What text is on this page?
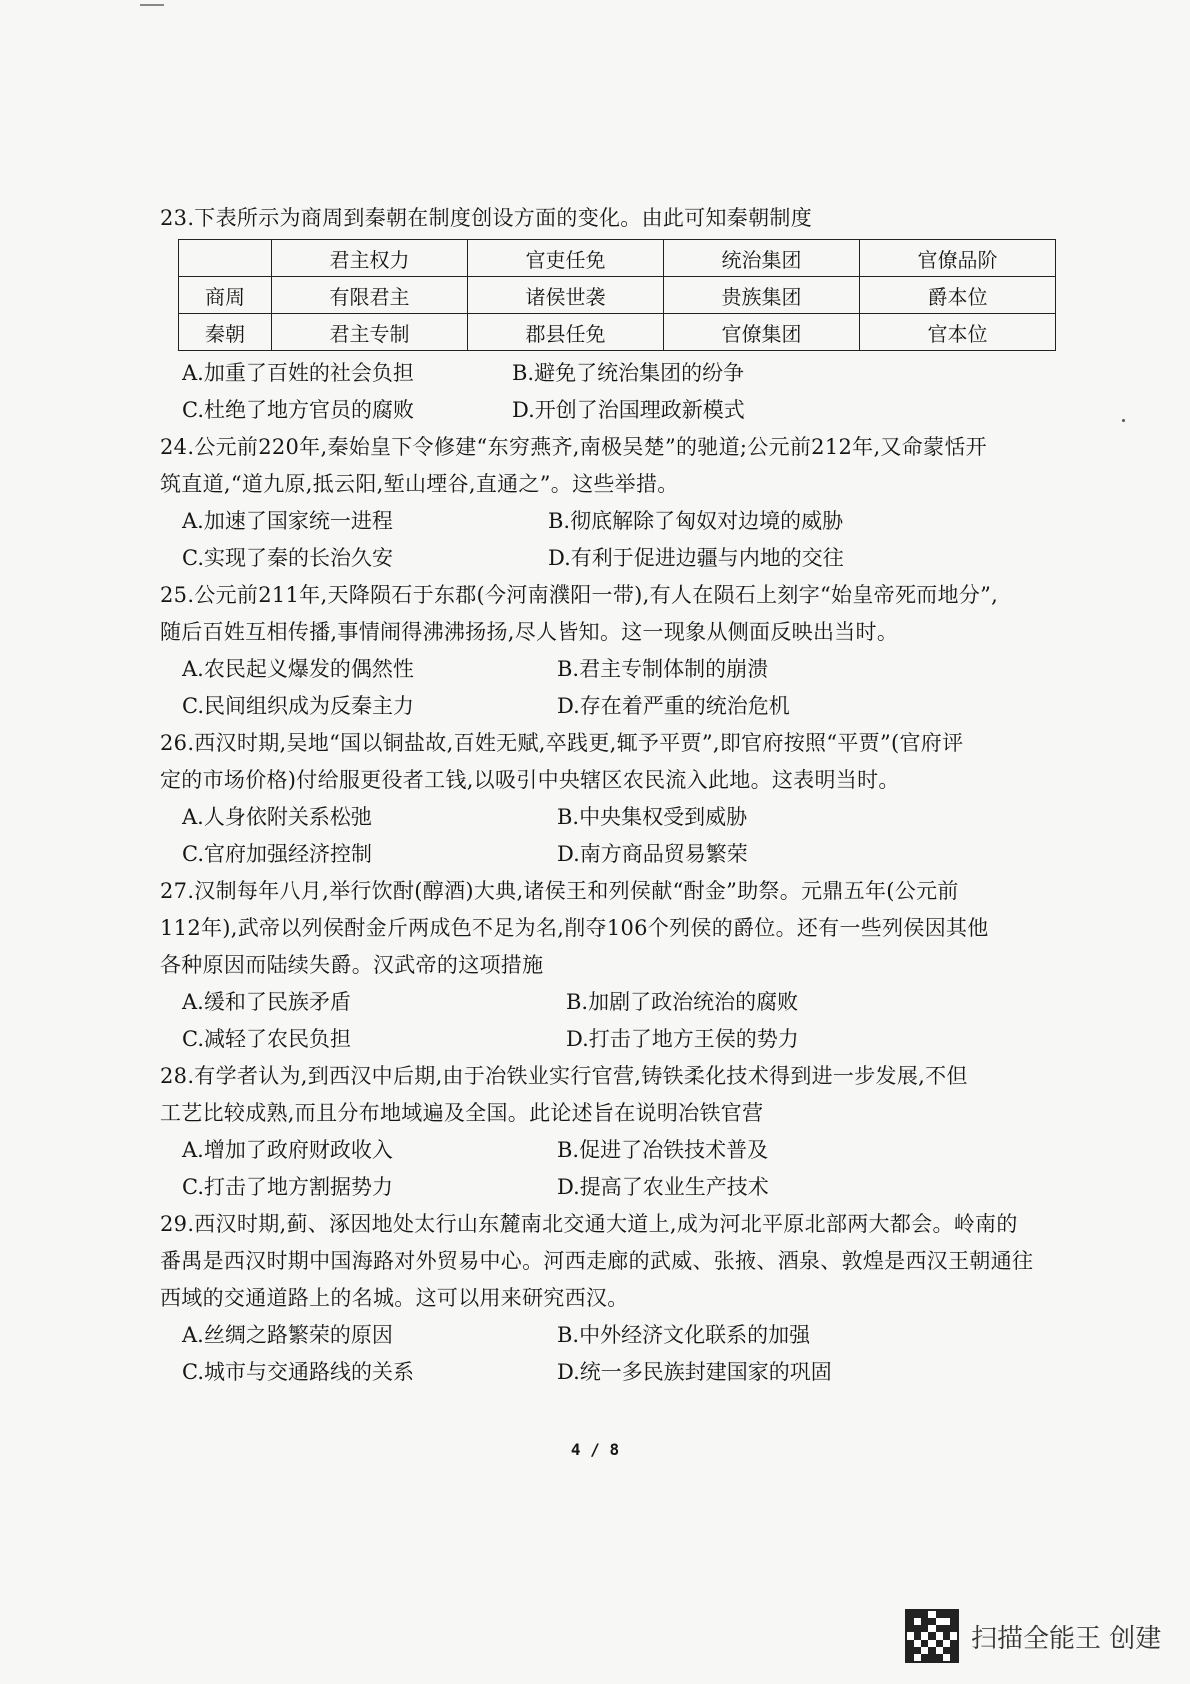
23.下表所示为商周到秦朝在制度创设方面的变化。由此可知秦朝制度
	君主权力	官吏任免	统治集团	官僚品阶
商周	有限君主	诸侯世袭	贵族集团	爵本位
秦朝	君主专制	郡县任免	官僚集团	官本位
A.加重了百姓的社会负担	B.避免了统治集团的纷争
C.杜绝了地方官员的腐败	D.开创了治国理政新模式
24.公元前220年,秦始皇下令修建“东穷燕齐,南极吴楚”的驰道;公元前212年,又命蒙恬开
筑直道,“道九原,抵云阳,堑山堙谷,直通之”。这些举措。
A.加速了国家统一进程	B.彻底解除了匈奴对边境的威胁
C.实现了秦的长治久安	D.有利于促进边疆与内地的交往
25.公元前211年,天降陨石于东郡(今河南濮阳一带),有人在陨石上刻字“始皇帝死而地分”,
随后百姓互相传播,事情闹得沸沸扬扬,尽人皆知。这一现象从侧面反映出当时。
A.农民起义爆发的偶然性	B.君主专制体制的崩溃
C.民间组织成为反秦主力	D.存在着严重的统治危机
26.西汉时期,吴地“国以铜盐故,百姓无赋,卒践更,辄予平贾”,即官府按照“平贾”(官府评
定的市场价格)付给服更役者工钱,以吸引中央辖区农民流入此地。这表明当时。
A.人身依附关系松弛	B.中央集权受到威胁
C.官府加强经济控制	D.南方商品贸易繁荣
27.汉制每年八月,举行饮酎(醇酒)大典,诸侯王和列侯献“酎金”助祭。元鼎五年(公元前
112年),武帝以列侯酎金斤两成色不足为名,削夺106个列侯的爵位。还有一些列侯因其他
各种原因而陆续失爵。汉武帝的这项措施
A.缓和了民族矛盾	B.加剧了政治统治的腐败
C.减轻了农民负担	D.打击了地方王侯的势力
28.有学者认为,到西汉中后期,由于冶铁业实行官营,铸铁柔化技术得到进一步发展,不但
工艺比较成熟,而且分布地域遍及全国。此论述旨在说明冶铁官营
A.增加了政府财政收入	B.促进了冶铁技术普及
C.打击了地方割据势力	D.提高了农业生产技术
29.西汉时期,蓟、涿因地处太行山东麓南北交通大道上,成为河北平原北部两大都会。岭南的
番禺是西汉时期中国海路对外贸易中心。河西走廊的武威、张掖、酒泉、敦煌是西汉王朝通往
西域的交通道路上的名城。这可以用来研究西汉。
A.丝绸之路繁荣的原因	B.中外经济文化联系的加强
C.城市与交通路线的关系	D.统一多民族封建国家的巩固
4 / 8
扫描全能王 创建
